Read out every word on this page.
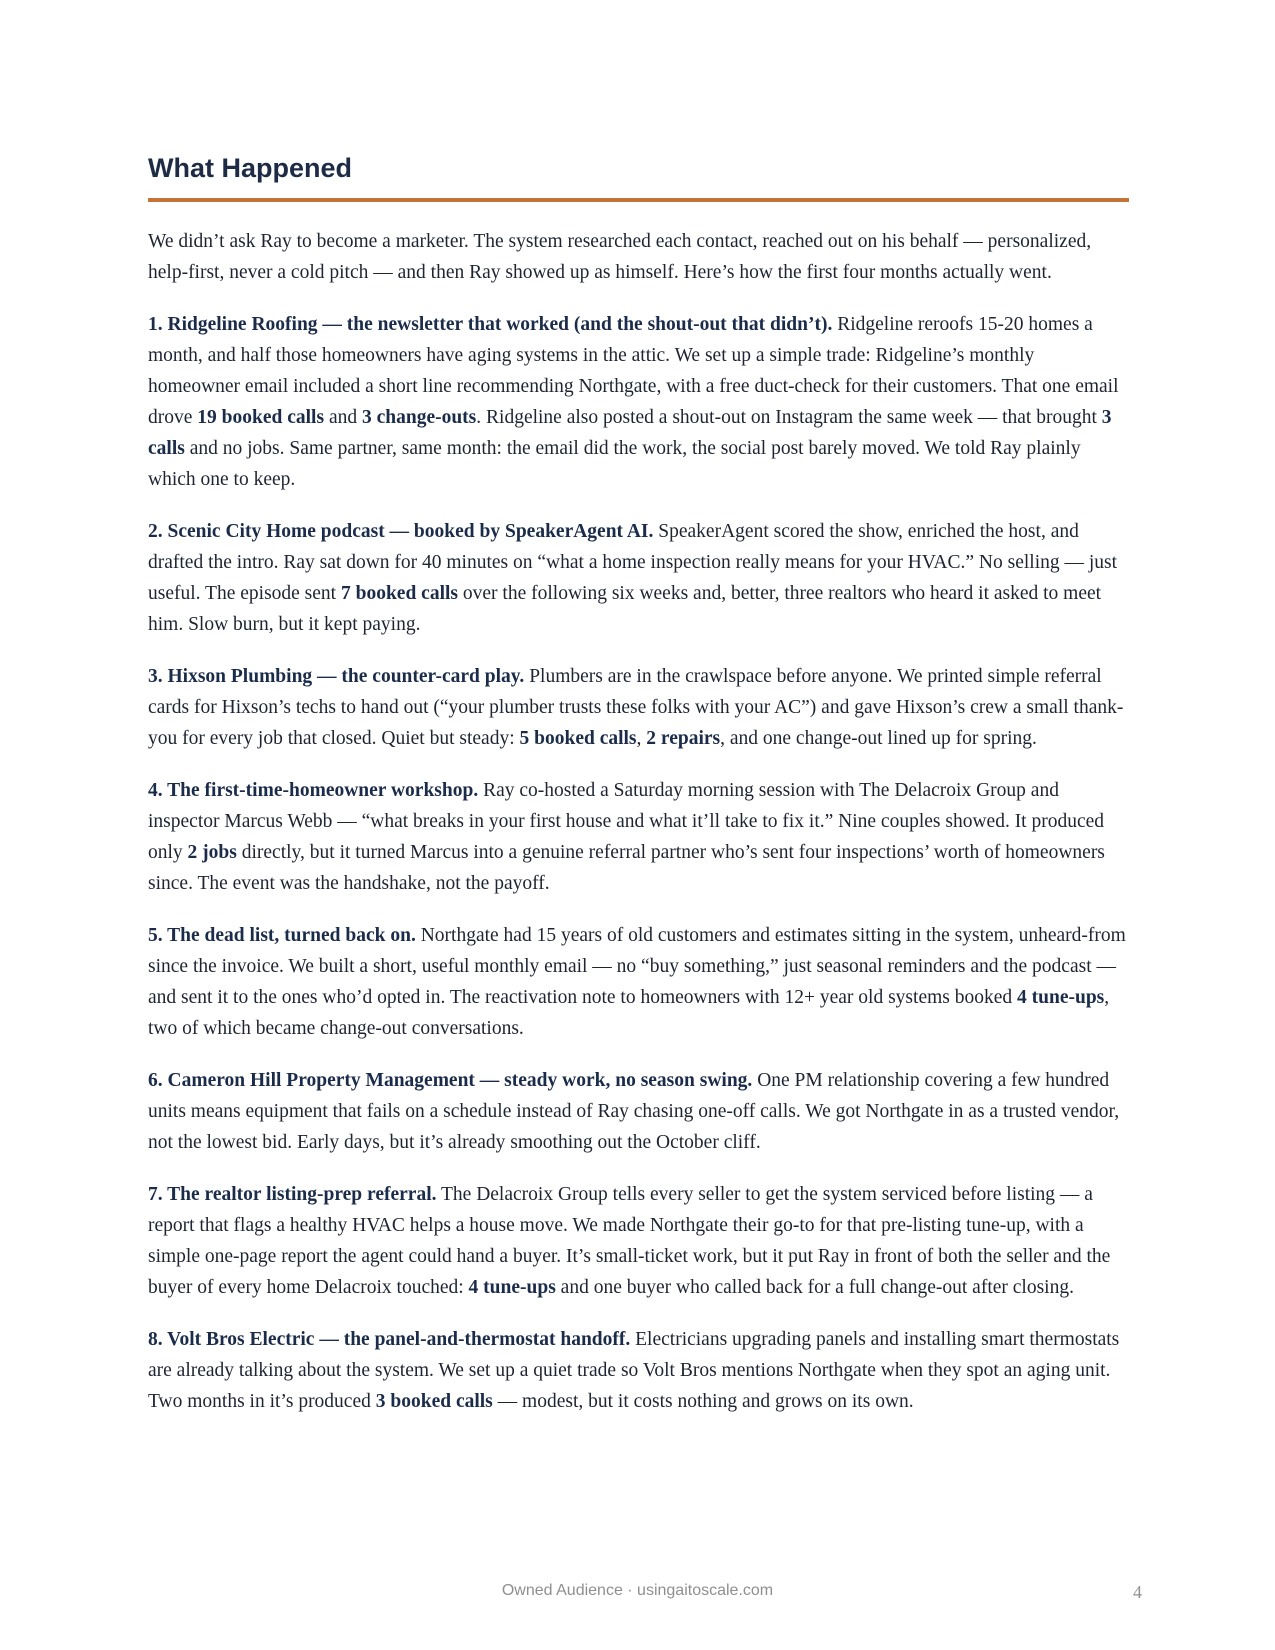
What Happened

We didn’t ask Ray to become a marketer. The system researched each contact, reached out on his behalf — personalized, help-first, never a cold pitch — and then Ray showed up as himself. Here’s how the first four months actually went.

1. Ridgeline Roofing — the newsletter that worked (and the shout-out that didn’t). Ridgeline reroofs 15-20 homes a month, and half those homeowners have aging systems in the attic. We set up a simple trade: Ridgeline’s monthly homeowner email included a short line recommending Northgate, with a free duct-check for their customers. That one email drove 19 booked calls and 3 change-outs. Ridgeline also posted a shout-out on Instagram the same week — that brought 3 calls and no jobs. Same partner, same month: the email did the work, the social post barely moved. We told Ray plainly which one to keep.

2. Scenic City Home podcast — booked by SpeakerAgent AI. SpeakerAgent scored the show, enriched the host, and drafted the intro. Ray sat down for 40 minutes on “what a home inspection really means for your HVAC.” No selling — just useful. The episode sent 7 booked calls over the following six weeks and, better, three realtors who heard it asked to meet him. Slow burn, but it kept paying.

3. Hixson Plumbing — the counter-card play. Plumbers are in the crawlspace before anyone. We printed simple referral cards for Hixson’s techs to hand out (“your plumber trusts these folks with your AC”) and gave Hixson’s crew a small thank-you for every job that closed. Quiet but steady: 5 booked calls, 2 repairs, and one change-out lined up for spring.

4. The first-time-homeowner workshop. Ray co-hosted a Saturday morning session with The Delacroix Group and inspector Marcus Webb — “what breaks in your first house and what it’ll take to fix it.” Nine couples showed. It produced only 2 jobs directly, but it turned Marcus into a genuine referral partner who’s sent four inspections’ worth of homeowners since. The event was the handshake, not the payoff.

5. The dead list, turned back on. Northgate had 15 years of old customers and estimates sitting in the system, unheard-from since the invoice. We built a short, useful monthly email — no “buy something,” just seasonal reminders and the podcast — and sent it to the ones who’d opted in. The reactivation note to homeowners with 12+ year old systems booked 4 tune-ups, two of which became change-out conversations.

6. Cameron Hill Property Management — steady work, no season swing. One PM relationship covering a few hundred units means equipment that fails on a schedule instead of Ray chasing one-off calls. We got Northgate in as a trusted vendor, not the lowest bid. Early days, but it’s already smoothing out the October cliff.

7. The realtor listing-prep referral. The Delacroix Group tells every seller to get the system serviced before listing — a report that flags a healthy HVAC helps a house move. We made Northgate their go-to for that pre-listing tune-up, with a simple one-page report the agent could hand a buyer. It’s small-ticket work, but it put Ray in front of both the seller and the buyer of every home Delacroix touched: 4 tune-ups and one buyer who called back for a full change-out after closing.

8. Volt Bros Electric — the panel-and-thermostat handoff. Electricians upgrading panels and installing smart thermostats are already talking about the system. We set up a quiet trade so Volt Bros mentions Northgate when they spot an aging unit. Two months in it’s produced 3 booked calls — modest, but it costs nothing and grows on its own.

Owned Audience · usingaitoscale.com	4
